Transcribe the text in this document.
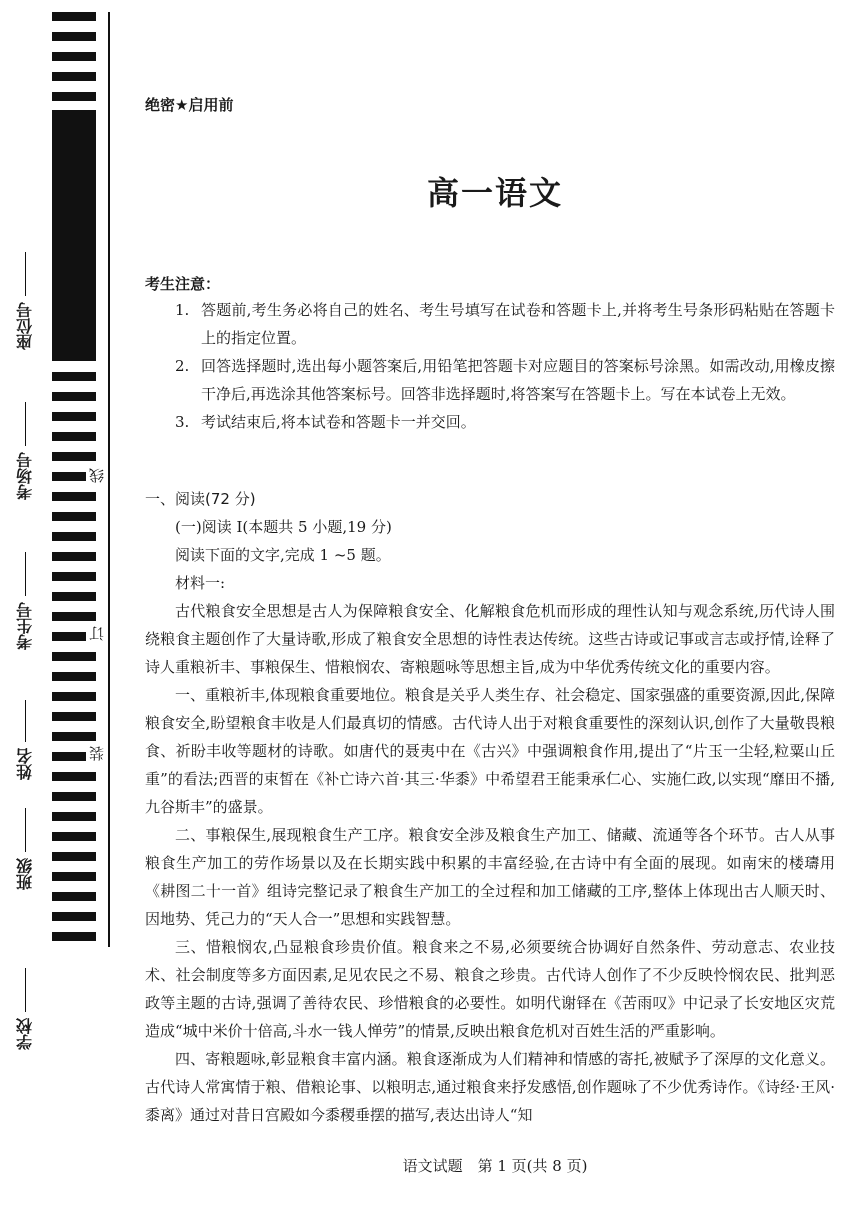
学校
班级
姓名
考生号
考场号
座位号
线
订
装
绝密★启用前
高一语文
考生注意：
1. 答题前,考生务必将自己的姓名、考生号填写在试卷和答题卡上,并将考生号条形码粘贴在答题卡上的指定位置。
2. 回答选择题时,选出每小题答案后,用铅笔把答题卡对应题目的答案标号涂黑。如需改动,用橡皮擦干净后,再选涂其他答案标号。回答非选择题时,将答案写在答题卡上。写在本试卷上无效。
3. 考试结束后,将本试卷和答题卡一并交回。
一、阅读(72 分)
(一)阅读 I(本题共 5 小题,19 分)
阅读下面的文字,完成 1 ~5 题。
材料一:

古代粮食安全思想是古人为保障粮食安全、化解粮食危机而形成的理性认知与观念系统,历代诗人围绕粮食主题创作了大量诗歌,形成了粮食安全思想的诗性表达传统。这些古诗或记事或言志或抒情,诠释了诗人重粮祈丰、事粮保生、惜粮悯农、寄粮题咏等思想主旨,成为中华优秀传统文化的重要内容。

一、重粮祈丰,体现粮食重要地位。粮食是关乎人类生存、社会稳定、国家强盛的重要资源,因此,保障粮食安全,盼望粮食丰收是人们最真切的情感。古代诗人出于对粮食重要性的深刻认识,创作了大量敬畏粮食、祈盼丰收等题材的诗歌。如唐代的聂夷中在《古兴》中强调粮食作用,提出了“片玉一尘轻,粒粟山丘重”的看法;西晋的束皙在《补亡诗六首·其三·华黍》中希望君王能秉承仁心、实施仁政,以实现“靡田不播,九谷斯丰”的盛景。

二、事粮保生,展现粮食生产工序。粮食安全涉及粮食生产加工、储藏、流通等各个环节。古人从事粮食生产加工的劳作场景以及在长期实践中积累的丰富经验,在古诗中有全面的展现。如南宋的楼璹用《耕图二十一首》组诗完整记录了粮食生产加工的全过程和加工储藏的工序,整体上体现出古人顺天时、因地势、凭己力的“天人合一”思想和实践智慧。

三、惜粮悯农,凸显粮食珍贵价值。粮食来之不易,必须要统合协调好自然条件、劳动意志、农业技术、社会制度等多方面因素,足见农民之不易、粮食之珍贵。古代诗人创作了不少反映怜悯农民、批判恶政等主题的古诗,强调了善待农民、珍惜粮食的必要性。如明代谢铎在《苦雨叹》中记录了长安地区灾荒造成“城中米价十倍高,斗水一钱人惮劳”的情景,反映出粮食危机对百姓生活的严重影响。

四、寄粮题咏,彰显粮食丰富内涵。粮食逐渐成为人们精神和情感的寄托,被赋予了深厚的文化意义。古代诗人常寓情于粮、借粮论事、以粮明志,通过粮食来抒发感悟,创作题咏了不少优秀诗作。《诗经·王风·黍离》通过对昔日宫殿如今黍稷垂摆的描写,表达出诗人“知

语文试题　第 1 页(共 8 页)
